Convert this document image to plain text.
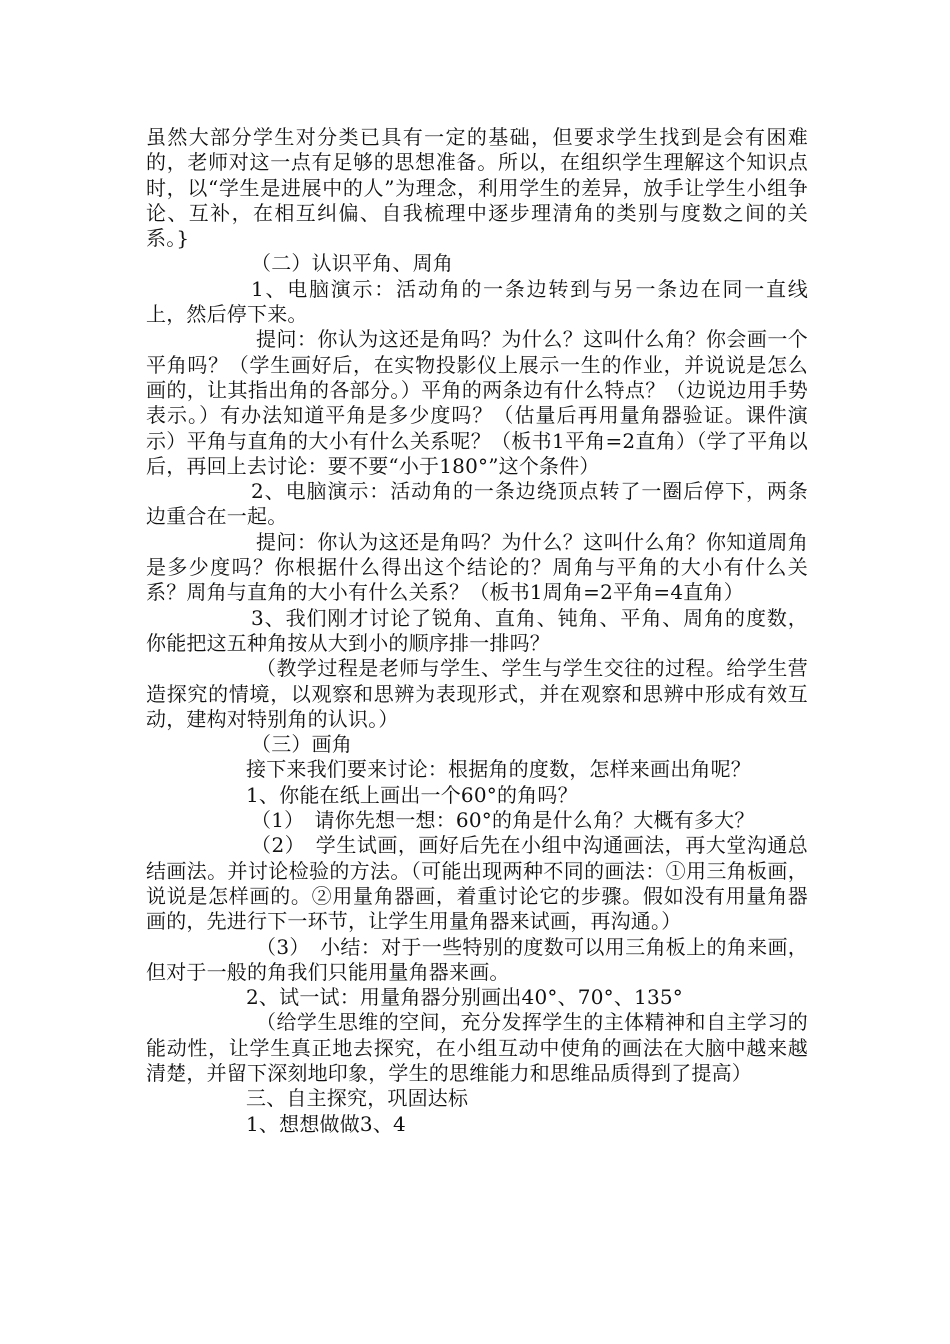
虽然大部分学生对分类已具有一定的基础，但要求学生找到是会有困难的，老师对这一点有足够的思想准备。所以，在组织学生理解这个知识点时，以“学生是进展中的人”为理念，利用学生的差异，放手让学生小组争论、互补，在相互纠偏、自我梳理中逐步理清角的类别与度数之间的关系。}

（二）认识平角、周角

1、电脑演示：活动角的一条边转到与另一条边在同一直线上，然后停下来。

提问：你认为这还是角吗？为什么？这叫什么角？你会画一个平角吗？（学生画好后，在实物投影仪上展示一生的作业，并说说是怎么画的，让其指出角的各部分。）平角的两条边有什么特点？（边说边用手势表示。）有办法知道平角是多少度吗？（估量后再用量角器验证。课件演示）平角与直角的大小有什么关系呢？（板书1平角=2直角）（学了平角以后，再回上去讨论：要不要“小于180°”这个条件）

2、电脑演示：活动角的一条边绕顶点转了一圈后停下，两条边重合在一起。

提问：你认为这还是角吗？为什么？这叫什么角？你知道周角是多少度吗？你根据什么得出这个结论的？周角与平角的大小有什么关系？周角与直角的大小有什么关系？（板书1周角=2平角=4直角）

3、我们刚才讨论了锐角、直角、钝角、平角、周角的度数，你能把这五种角按从大到小的顺序排一排吗？

（教学过程是老师与学生、学生与学生交往的过程。给学生营造探究的情境，以观察和思辨为表现形式，并在观察和思辨中形成有效互动，建构对特别角的认识。）

（三）画角

接下来我们要来讨论：根据角的度数，怎样来画出角呢？

1、你能在纸上画出一个60°的角吗？

（1）　请你先想一想：60°的角是什么角？大概有多大？

（2）　学生试画，画好后先在小组中沟通画法，再大堂沟通总结画法。并讨论检验的方法。（可能出现两种不同的画法：①用三角板画，说说是怎样画的。②用量角器画，着重讨论它的步骤。假如没有用量角器画的，先进行下一环节，让学生用量角器来试画，再沟通。）

（3）　小结：对于一些特别的度数可以用三角板上的角来画，但对于一般的角我们只能用量角器来画。

2、试一试：用量角器分别画出40°、70°、135°

（给学生思维的空间，充分发挥学生的主体精神和自主学习的能动性，让学生真正地去探究，在小组互动中使角的画法在大脑中越来越清楚，并留下深刻地印象，学生的思维能力和思维品质得到了提高）

三、自主探究，巩固达标

1、想想做做3、4
